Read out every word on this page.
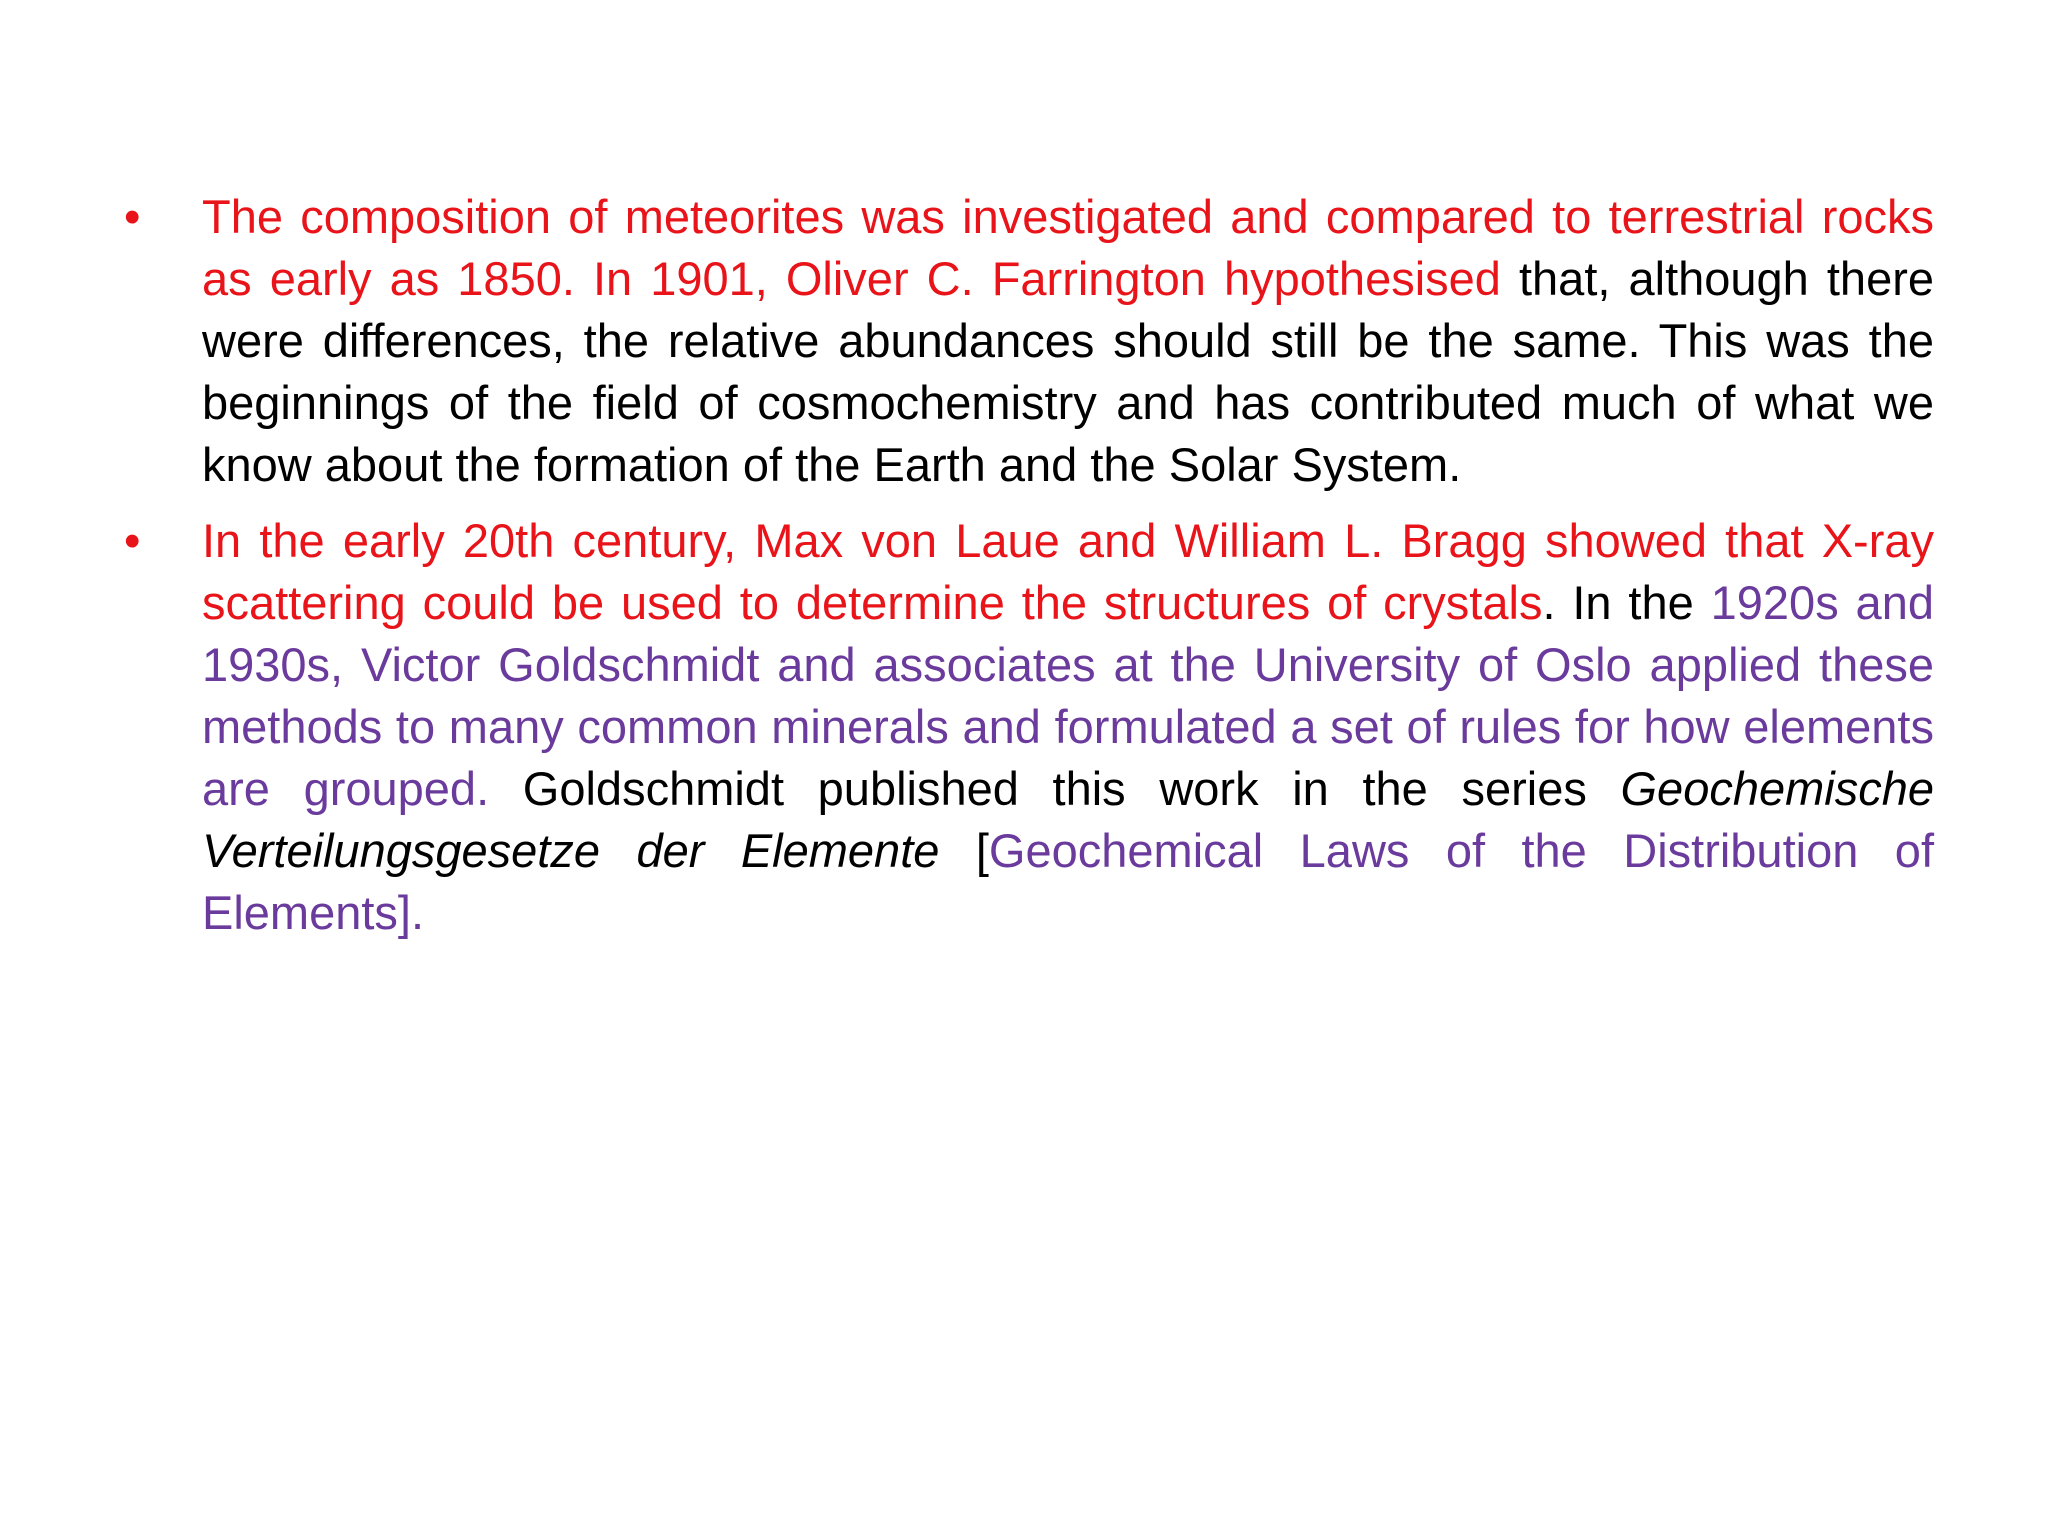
•	The composition of meteorites was investigated and compared to terrestrial rocks as early as 1850. In 1901, Oliver C. Farrington hypothesised that, although there were differences, the relative abundances should still be the same. This was the beginnings of the field of cosmochemistry and has contributed much of what we know about the formation of the Earth and the Solar System.
•	In the early 20th century, Max von Laue and William L. Bragg showed that X-ray scattering could be used to determine the structures of crystals. In the 1920s and 1930s, Victor Goldschmidt and associates at the University of Oslo applied these methods to many common minerals and formulated a set of rules for how elements are grouped. Goldschmidt published this work in the series Geochemische Verteilungsgesetze der Elemente [Geochemical Laws of the Distribution of Elements].
